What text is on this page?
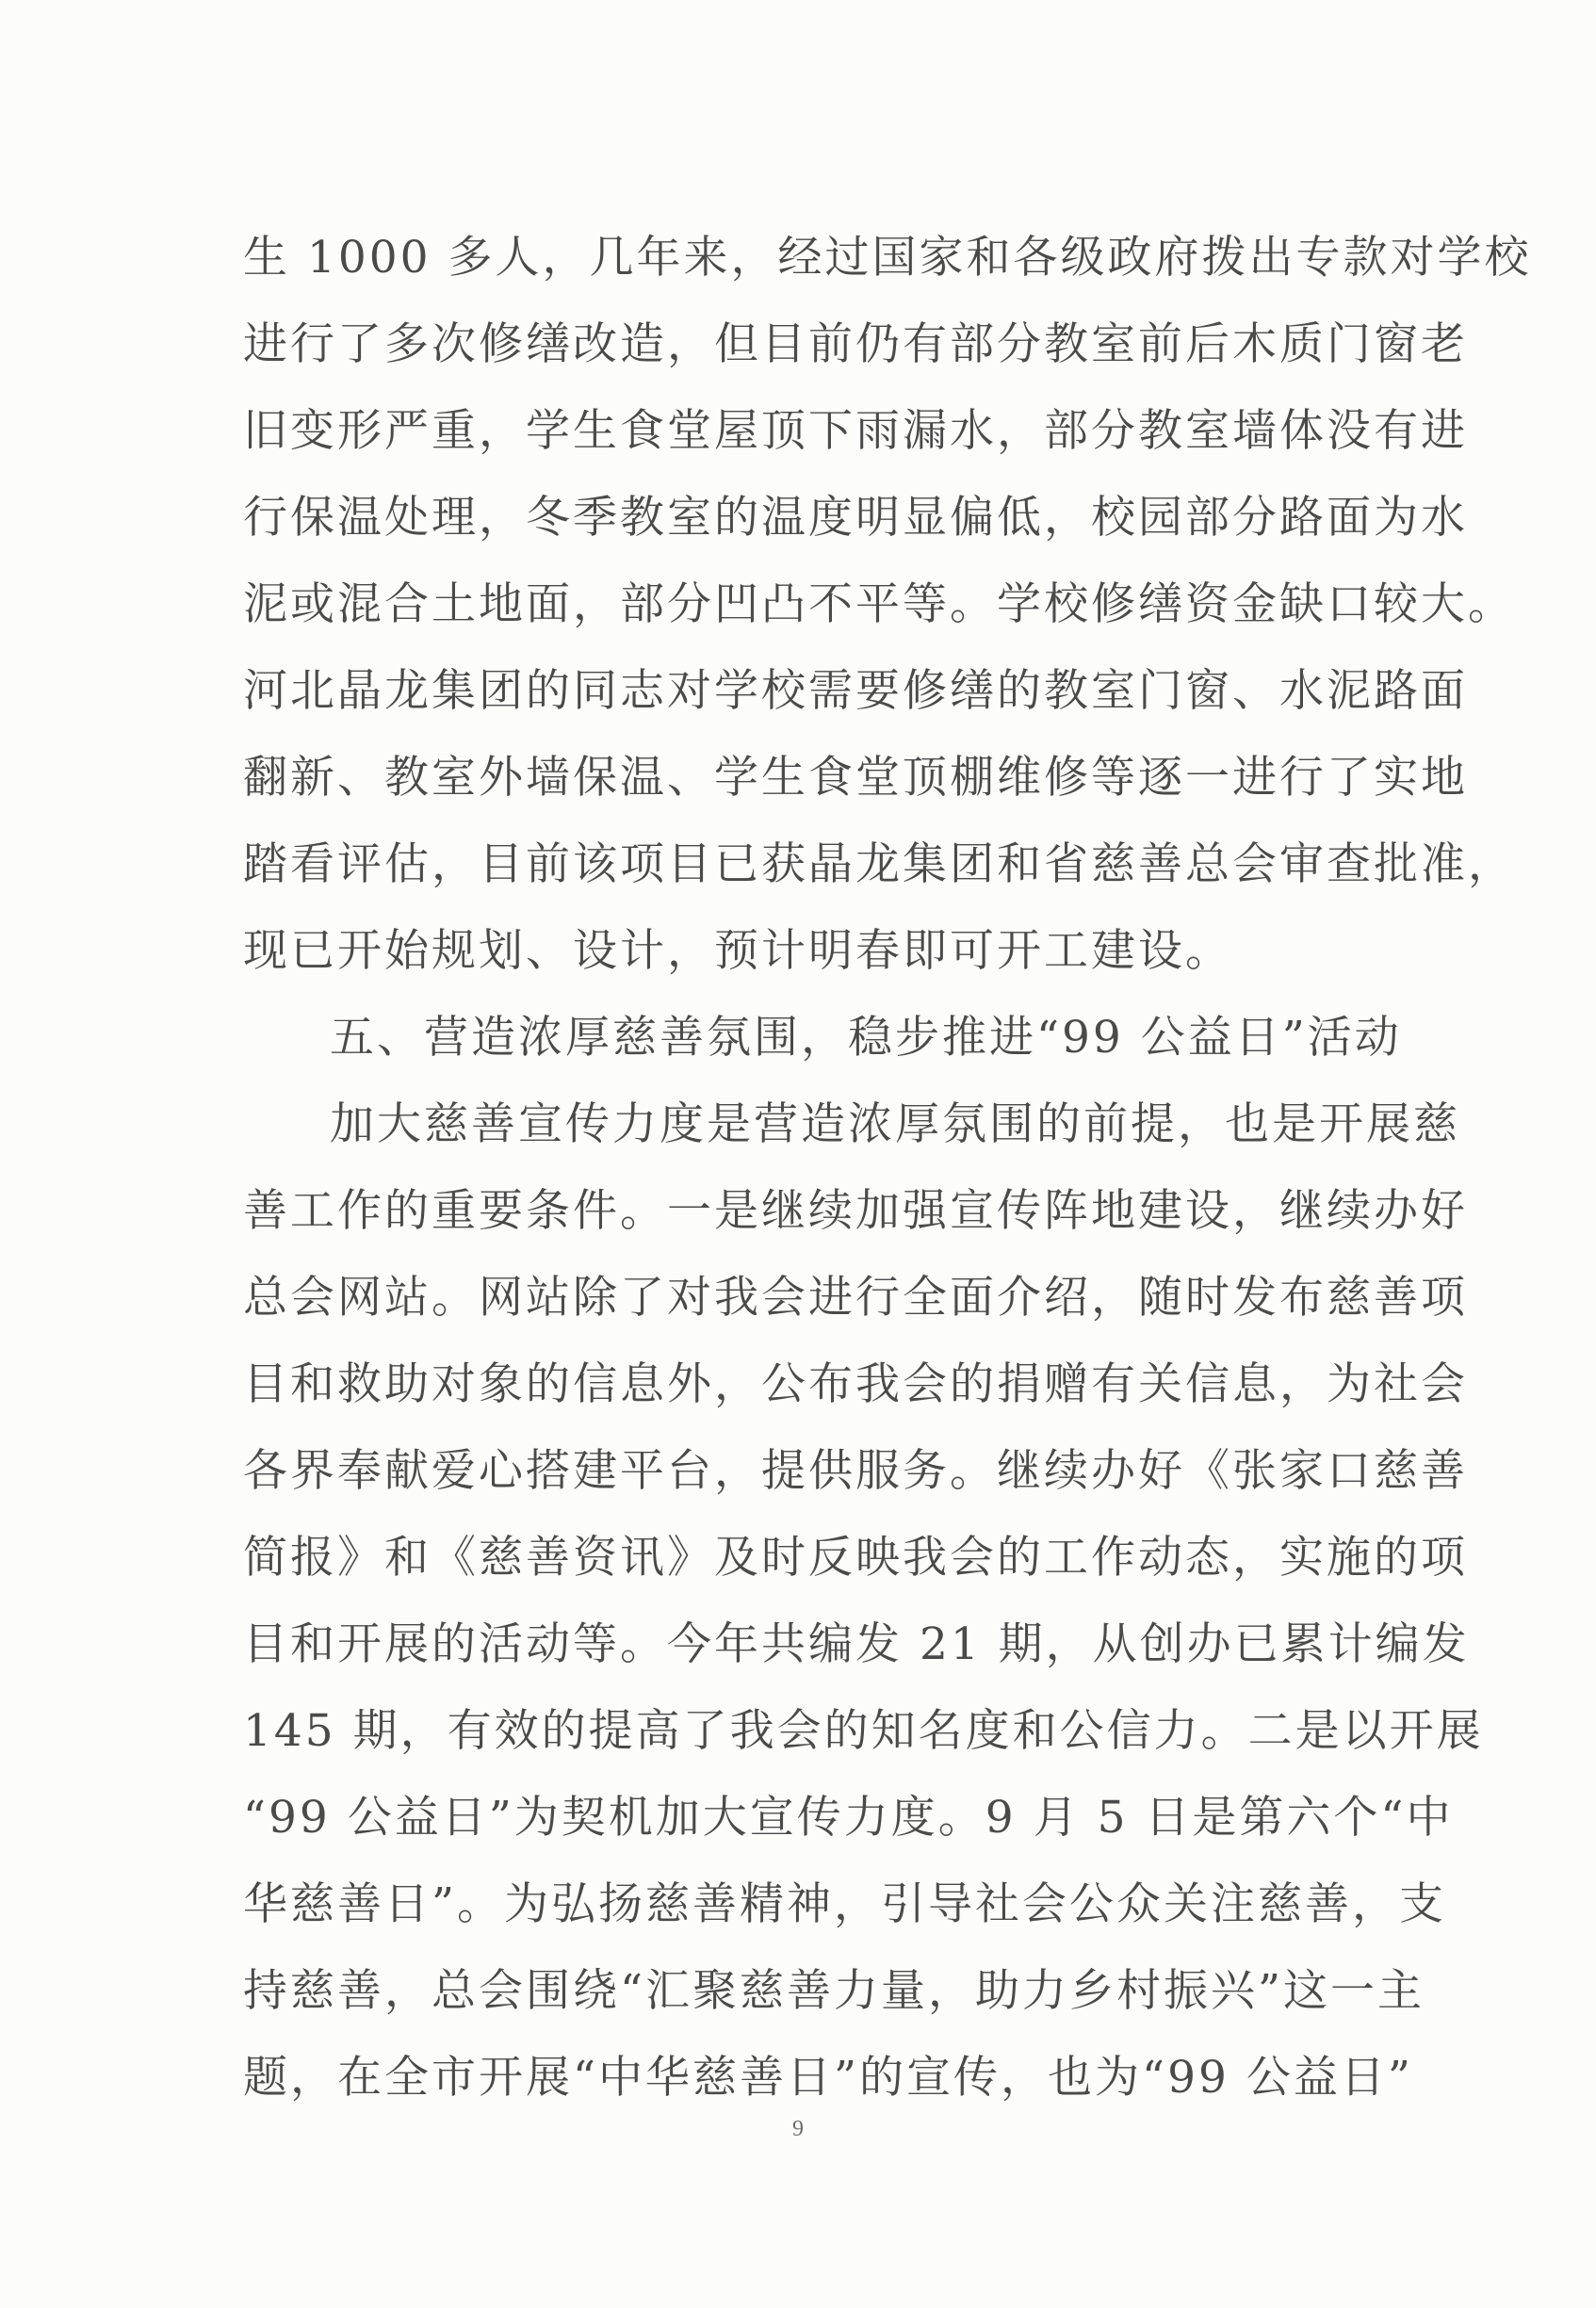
生 1000 多人，几年来，经过国家和各级政府拨出专款对学校
进行了多次修缮改造，但目前仍有部分教室前后木质门窗老
旧变形严重，学生食堂屋顶下雨漏水，部分教室墙体没有进
行保温处理，冬季教室的温度明显偏低，校园部分路面为水
泥或混合土地面，部分凹凸不平等。学校修缮资金缺口较大。
河北晶龙集团的同志对学校需要修缮的教室门窗、水泥路面
翻新、教室外墙保温、学生食堂顶棚维修等逐一进行了实地
踏看评估，目前该项目已获晶龙集团和省慈善总会审查批准，
现已开始规划、设计，预计明春即可开工建设。
五、营造浓厚慈善氛围，稳步推进“99 公益日”活动
加大慈善宣传力度是营造浓厚氛围的前提，也是开展慈
善工作的重要条件。一是继续加强宣传阵地建设，继续办好
总会网站。网站除了对我会进行全面介绍，随时发布慈善项
目和救助对象的信息外，公布我会的捐赠有关信息，为社会
各界奉献爱心搭建平台，提供服务。继续办好《张家口慈善
简报》和《慈善资讯》及时反映我会的工作动态，实施的项
目和开展的活动等。今年共编发 21 期，从创办已累计编发
145 期，有效的提高了我会的知名度和公信力。二是以开展
“99 公益日”为契机加大宣传力度。9 月 5 日是第六个“中
华慈善日”。为弘扬慈善精神，引导社会公众关注慈善，支
持慈善，总会围绕“汇聚慈善力量，助力乡村振兴”这一主
题，在全市开展“中华慈善日”的宣传，也为“99 公益日”
9
